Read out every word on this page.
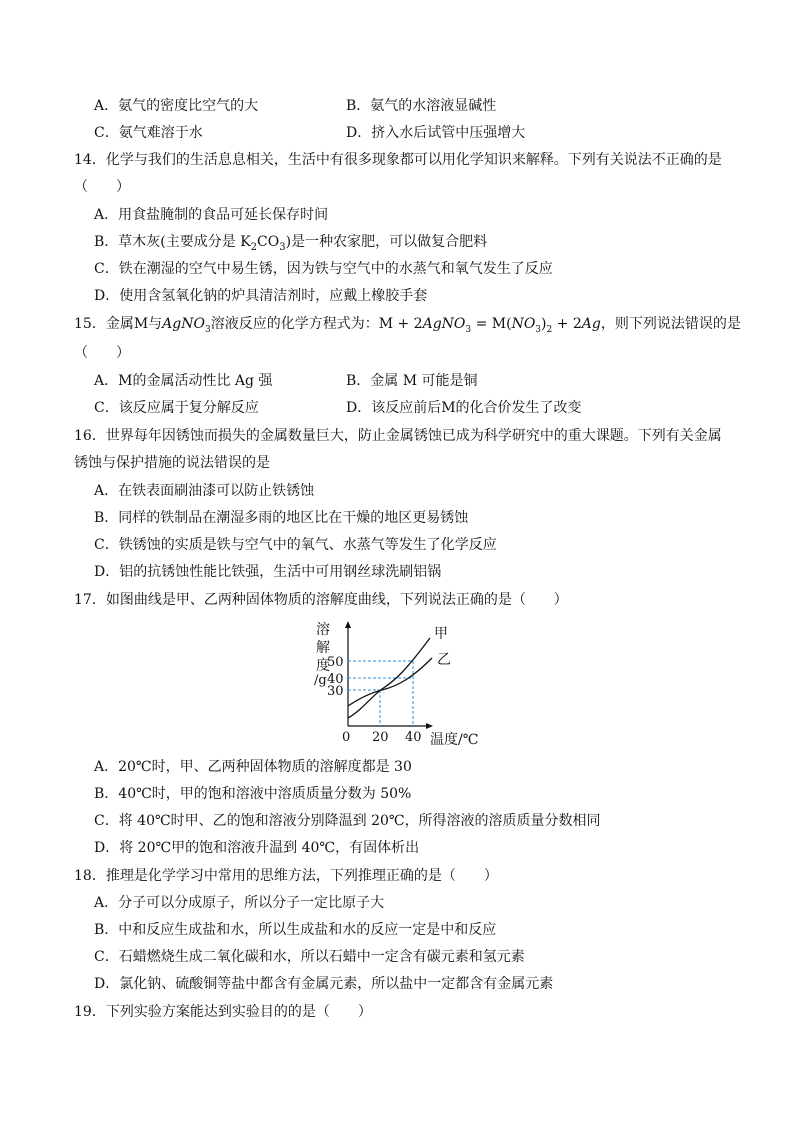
A．氨气的密度比空气的大	B．氨气的水溶液显碱性
C．氨气难溶于水	D．挤入水后试管中压强增大
14．化学与我们的生活息息相关，生活中有很多现象都可以用化学知识来解释。下列有关说法不正确的是
（　　）
A．用食盐腌制的食品可延长保存时间
B．草木灰(主要成分是 $K_2CO_3$)是一种农家肥，可以做复合肥料
C．铁在潮湿的空气中易生锈，因为铁与空气中的水蒸气和氧气发生了反应
D．使用含氢氧化钠的炉具清洁剂时，应戴上橡胶手套
15．金属M与AgNO$_3$溶液反应的化学方程式为：M + 2AgNO$_3$ = $M(NO_3)_2 + 2Ag$，则下列说法错误的是
（　　）
A．M的金属活动性比 Ag 强	B．金属 M 可能是铜
C．该反应属于复分解反应	D．该反应前后M的化合价发生了改变
16．世界每年因锈蚀而损失的金属数量巨大，防止金属锈蚀已成为科学研究中的重大课题。下列有关金属
锈蚀与保护措施的说法错误的是
A．在铁表面刷油漆可以防止铁锈蚀
B．同样的铁制品在潮湿多雨的地区比在干燥的地区更易锈蚀
C．铁锈蚀的实质是铁与空气中的氧气、水蒸气等发生了化学反应
D．铝的抗锈蚀性能比铁强，生活中可用钢丝球洗刷铝锅
17．如图曲线是甲、乙两种固体物质的溶解度曲线，下列说法正确的是（　　）
甲
乙
溶
解
度
/g
50
40
30
0 20 40 温度/℃
A．20℃时，甲、乙两种固体物质的溶解度都是 30
B．40℃时，甲的饱和溶液中溶质质量分数为 50%
C．将 40℃时甲、乙的饱和溶液分别降温到 20℃，所得溶液的溶质质量分数相同
D．将 20℃甲的饱和溶液升温到 40℃，有固体析出
18．推理是化学学习中常用的思维方法，下列推理正确的是（　　）
A．分子可以分成原子，所以分子一定比原子大
B．中和反应生成盐和水，所以生成盐和水的反应一定是中和反应
C．石蜡燃烧生成二氧化碳和水，所以石蜡中一定含有碳元素和氢元素
D．氯化钠、硫酸铜等盐中都含有金属元素，所以盐中一定都含有金属元素
19．下列实验方案能达到实验目的的是（　　）
